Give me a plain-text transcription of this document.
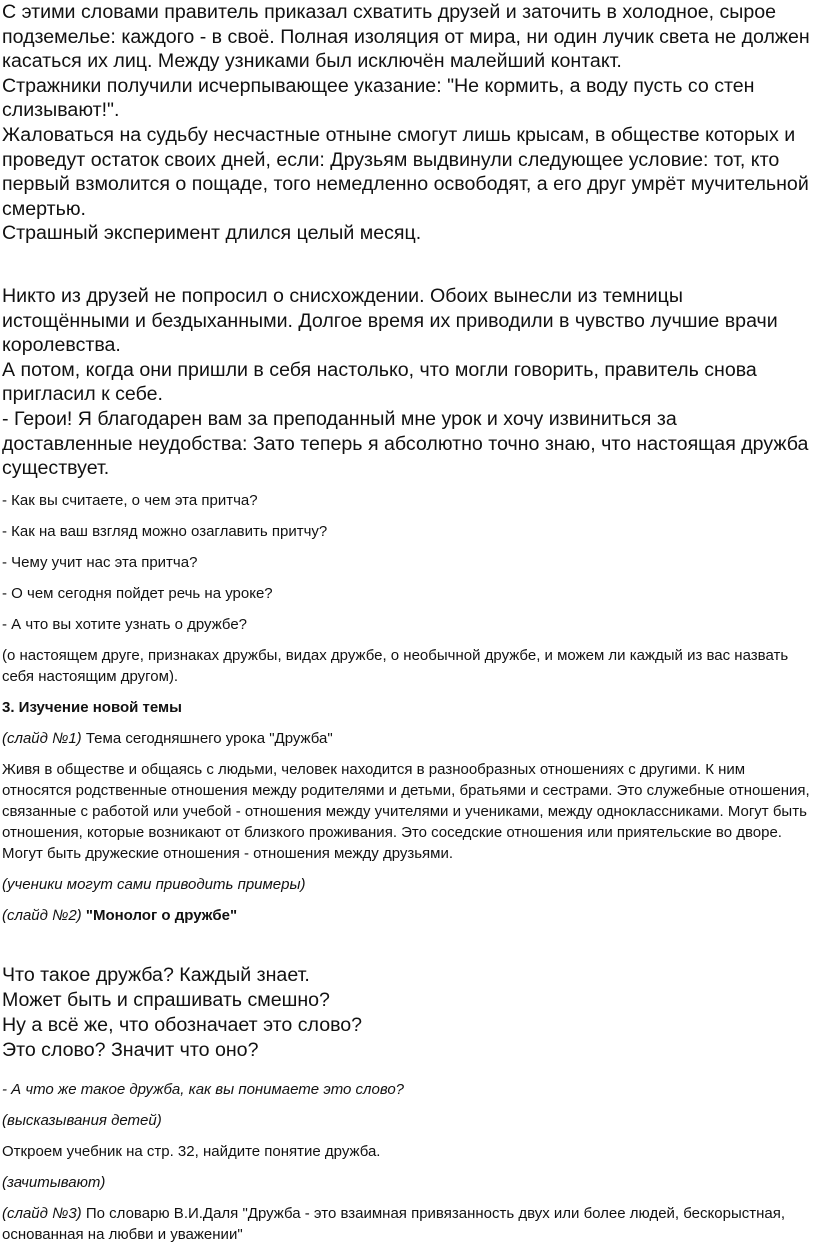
С этими словами правитель приказал схватить друзей и заточить в холодное, сырое подземелье: каждого - в своё. Полная изоляция от мира, ни один лучик света не должен касаться их лиц. Между узниками был исключён малейший контакт.

Стражники получили исчерпывающее указание: "Не кормить, а воду пусть со стен слизывают!".

Жаловаться на судьбу несчастные отныне смогут лишь крысам, в обществе которых и проведут остаток своих дней, если: Друзьям выдвинули следующее условие: тот, кто первый взмолится о пощаде, того немедленно освободят, а его друг умрёт мучительной смертью.

Страшный эксперимент длился целый месяц.

Никто из друзей не попросил о снисхождении. Обоих вынесли из темницы истощёнными и бездыханными. Долгое время их приводили в чувство лучшие врачи королевства.

А потом, когда они пришли в себя настолько, что могли говорить, правитель снова пригласил к себе.

- Герои! Я благодарен вам за преподанный мне урок и хочу извиниться за доставленные неудобства: Зато теперь я абсолютно точно знаю, что настоящая дружба существует.

- Как вы считаете, о чем эта притча?

- Как на ваш взгляд можно озаглавить притчу?

- Чему учит нас эта притча?

- О чем сегодня пойдет речь на уроке?

- А что вы хотите узнать о дружбе?

(о настоящем друге, признаках дружбы, видах дружбе, о необычной дружбе, и можем ли каждый из вас назвать себя настоящим другом).

3. Изучение новой темы

(слайд №1) Тема сегодняшнего урока "Дружба"

Живя в обществе и общаясь с людьми, человек находится в разнообразных отношениях с другими. К ним относятся родственные отношения между родителями и детьми, братьями и сестрами. Это служебные отношения, связанные с работой или учебой - отношения между учителями и учениками, между одноклассниками. Могут быть отношения, которые возникают от близкого проживания. Это соседские отношения или приятельские во дворе. Могут быть дружеские отношения - отношения между друзьями.

(ученики могут сами приводить примеры)

(слайд №2) "Монолог о дружбе"

Что такое дружба? Каждый знает.

Может быть и спрашивать смешно?

Ну а всё же, что обозначает это слово?

Это слово? Значит что оно?

- А что же такое дружба, как вы понимаете это слово?

(высказывания детей)

Откроем учебник на стр. 32, найдите понятие дружба.

(зачитывают)

(слайд №3) По словарю В.И.Даля "Дружба - это взаимная привязанность двух или более людей, бескорыстная, основанная на любви и уважении"
